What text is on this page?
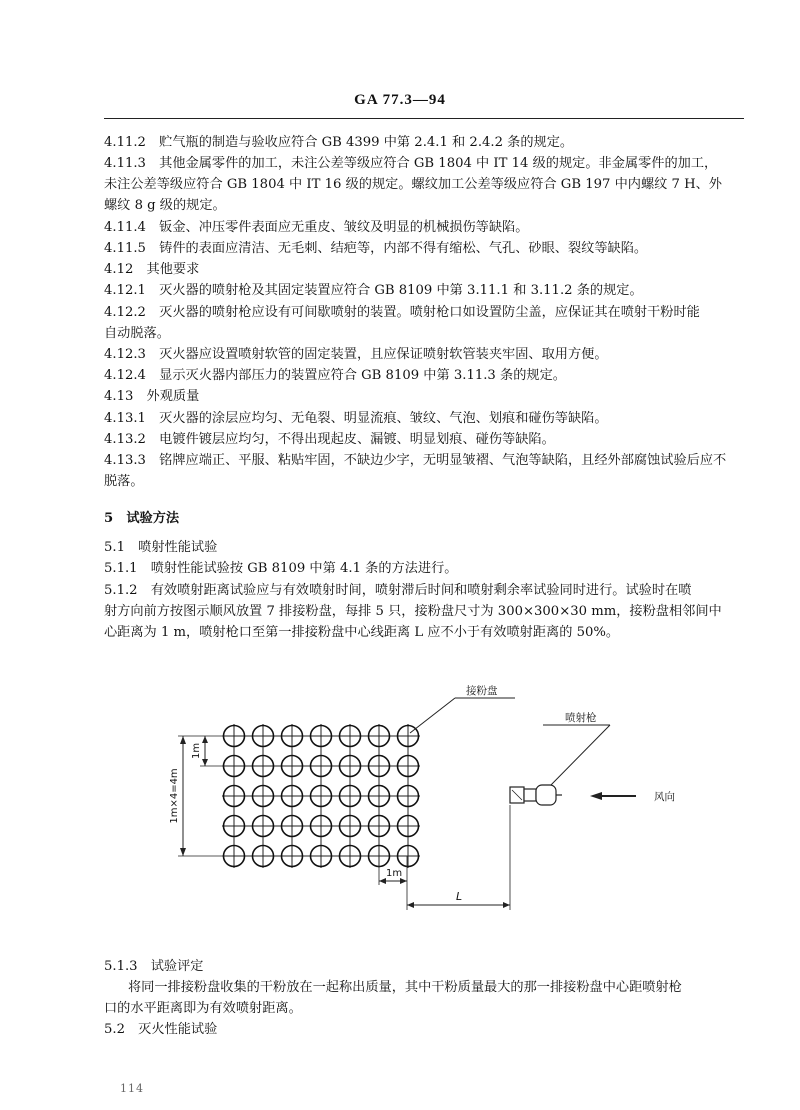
GA 77.3—94
4.11.2　贮气瓶的制造与验收应符合 GB 4399 中第 2.4.1 和 2.4.2 条的规定。
4.11.3　其他金属零件的加工，未注公差等级应符合 GB 1804 中 IT 14 级的规定。非金属零件的加工，
未注公差等级应符合 GB 1804 中 IT 16 级的规定。螺纹加工公差等级应符合 GB 197 中内螺纹 7 H、外
螺纹 8 g 级的规定。
4.11.4　钣金、冲压零件表面应无重皮、皱纹及明显的机械损伤等缺陷。
4.11.5　铸件的表面应清洁、无毛刺、结疤等，内部不得有缩松、气孔、砂眼、裂纹等缺陷。
4.12　其他要求
4.12.1　灭火器的喷射枪及其固定装置应符合 GB 8109 中第 3.11.1 和 3.11.2 条的规定。
4.12.2　灭火器的喷射枪应设有可间歇喷射的装置。喷射枪口如设置防尘盖，应保证其在喷射干粉时能
自动脱落。
4.12.3　灭火器应设置喷射软管的固定装置，且应保证喷射软管装夹牢固、取用方便。
4.12.4　显示灭火器内部压力的装置应符合 GB 8109 中第 3.11.3 条的规定。
4.13　外观质量
4.13.1　灭火器的涂层应均匀、无龟裂、明显流痕、皱纹、气泡、划痕和碰伤等缺陷。
4.13.2　电镀件镀层应均匀，不得出现起皮、漏镀、明显划痕、碰伤等缺陷。
4.13.3　铭牌应端正、平服、粘贴牢固，不缺边少字，无明显皱褶、气泡等缺陷，且经外部腐蚀试验后应不
脱落。
5　试验方法
5.1　喷射性能试验
5.1.1　喷射性能试验按 GB 8109 中第 4.1 条的方法进行。
5.1.2　有效喷射距离试验应与有效喷射时间，喷射滞后时间和喷射剩余率试验同时进行。试验时在喷
射方向前方按图示顺风放置 7 排接粉盘，每排 5 只，接粉盘尺寸为 300×300×30 mm，接粉盘相邻间中
心距离为 1 m，喷射枪口至第一排接粉盘中心线距离 L 应不小于有效喷射距离的 50%。
接粉盘
喷射枪
风向
1m×4=4m
1m
1m
L
5.1.3　试验评定
将同一排接粉盘收集的干粉放在一起称出质量，其中干粉质量最大的那一排接粉盘中心距喷射枪
口的水平距离即为有效喷射距离。
5.2　灭火性能试验
114
